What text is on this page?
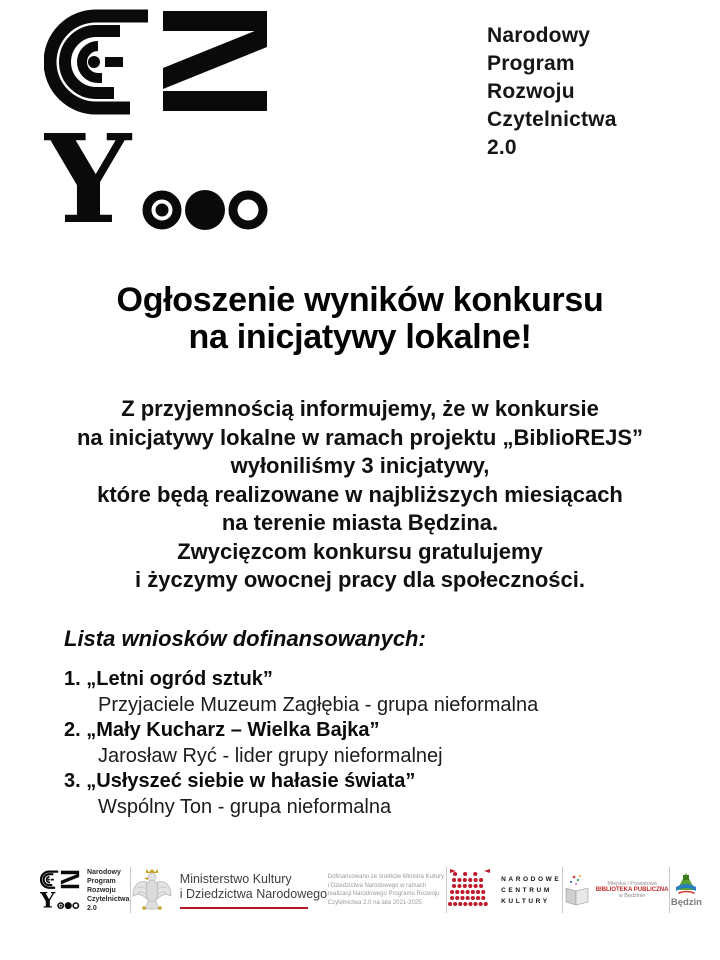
Narodowy
Program
Rozwoju
Czytelnictwa
2.0
Ogłoszenie wyników konkursu
na inicjatywy lokalne!
Z przyjemnością informujemy, że w konkursie
na inicjatywy lokalne w ramach projektu „BiblioREJS”
wyłoniliśmy 3 inicjatywy,
które będą realizowane w najbliższych miesiącach
na terenie miasta Będzina.
Zwycięzcom konkursu gratulujemy
i życzymy owocnej pracy dla społeczności.
Lista wniosków dofinansowanych:
1. „Letni ogród sztuk”
Przyjaciele Muzeum Zagłębia - grupa nieformalna
2. „Mały Kucharz – Wielka Bajka”
Jarosław Ryć - lider grupy nieformalnej
3. „Usłyszeć siebie w hałasie świata”
Wspólny Ton - grupa nieformalna
Narodowy
Program
Rozwoju
Czytelnictwa
2.0
Ministerstwo Kultury
i Dziedzictwa Narodowego
Dofinansowano ze środków Ministra Kultury
i Dziedzictwa Narodowego w ramach
realizacji Narodowego Programu Rozwoju
Czytelnictwa 2.0 na lata 2021-2025.
NARODOWE
CENTRUM
KULTURY
Miejska i Powiatowa
BIBLIOTEKA PUBLICZNA
w Będzinie
Będzin
